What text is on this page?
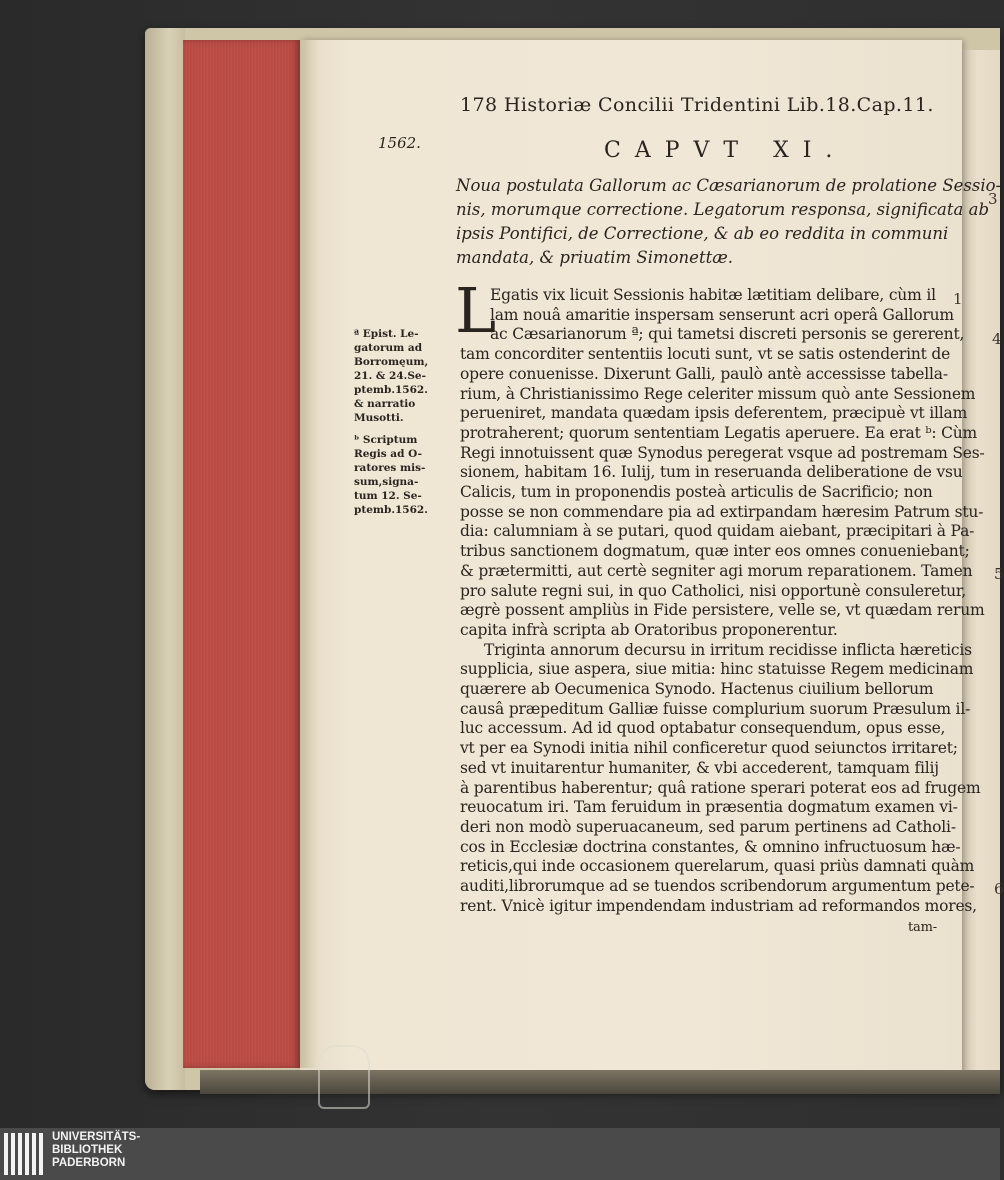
178 Historiæ Concilii Tridentini Lib.18.Cap.11.
1562.	CAPVT XI.
Noua postulata Gallorum ac Cæsarianorum de prolatione Sessio-
nis, morumque correctione. Legatorum responsa, significata ab
ipsis Pontifici, de Correctione, & ab eo reddita in communi
mandata, & priuatim Simonettæ.
L
Egatis vix licuit Sessionis habitæ lætitiam delibare, cùm il
lam nouâ amaritie inspersam senserunt acri operâ Gallorum
ac Cæsarianorum ª; qui tametsi discreti personis se gererent,
tam concorditer sententiis locuti sunt, vt se satis ostenderint de
opere conuenisse. Dixerunt Galli, paulò antè accessisse tabella-
rium, à Christianissimo Rege celeriter missum quò ante Sessionem
perueniret, mandata quædam ipsis deferentem, præcipuè vt illam
protraherent; quorum sententiam Legatis aperuere. Ea erat ᵇ: Cùm
Regi innotuissent quæ Synodus peregerat vsque ad postremam Ses-
sionem, habitam 16. Iulij, tum in reseruanda deliberatione de vsu
Calicis, tum in proponendis posteà articulis de Sacrificio; non
posse se non commendare pia ad extirpandam hæresim Patrum stu-
dia: calumniam à se putari, quod quidam aiebant, præcipitari à Pa-
tribus sanctionem dogmatum, quæ inter eos omnes conueniebant;
& prætermitti, aut certè segniter agi morum reparationem. Tamen
pro salute regni sui, in quo Catholici, nisi opportunè consuleretur,
ægrè possent ampliùs in Fide persistere, velle se, vt quædam rerum
capita infrà scripta ab Oratoribus proponerentur.
Triginta annorum decursu in irritum recidisse inflicta hæreticis
supplicia, siue aspera, siue mitia: hinc statuisse Regem medicinam
quærere ab Oecumenica Synodo. Hactenus ciuilium bellorum
causâ præpeditum Galliæ fuisse complurium suorum Præsulum il-
luc accessum. Ad id quod optabatur consequendum, opus esse,
vt per ea Synodi initia nihil conficeretur quod seiunctos irritaret;
sed vt inuitarentur humaniter, & vbi accederent, tamquam filij
à parentibus haberentur; quâ ratione sperari poterat eos ad frugem
reuocatum iri. Tam feruidum in præsentia dogmatum examen vi-
deri non modò superuacaneum, sed parum pertinens ad Catholi-
cos in Ecclesiæ doctrina constantes, & omnino infructuosum hæ-
reticis,qui inde occasionem querelarum, quasi priùs damnati quàm
auditi,librorumque ad se tuendos scribendorum argumentum pete-
rent. Vnicè igitur impendendam industriam ad reformandos mores,
tam-
ª Epist. Le-
gatorum ad
Borromęum,
21. & 24.Se-
ptemb.1562.
& narratio
Musotti.
ᵇ Scriptum
Regis ad O-
ratores mis-
sum,signa-
tum 12. Se-
ptemb.1562.
1
3
4
5
6
UNIVERSITÄTS-
BIBLIOTHEK
PADERBORN
